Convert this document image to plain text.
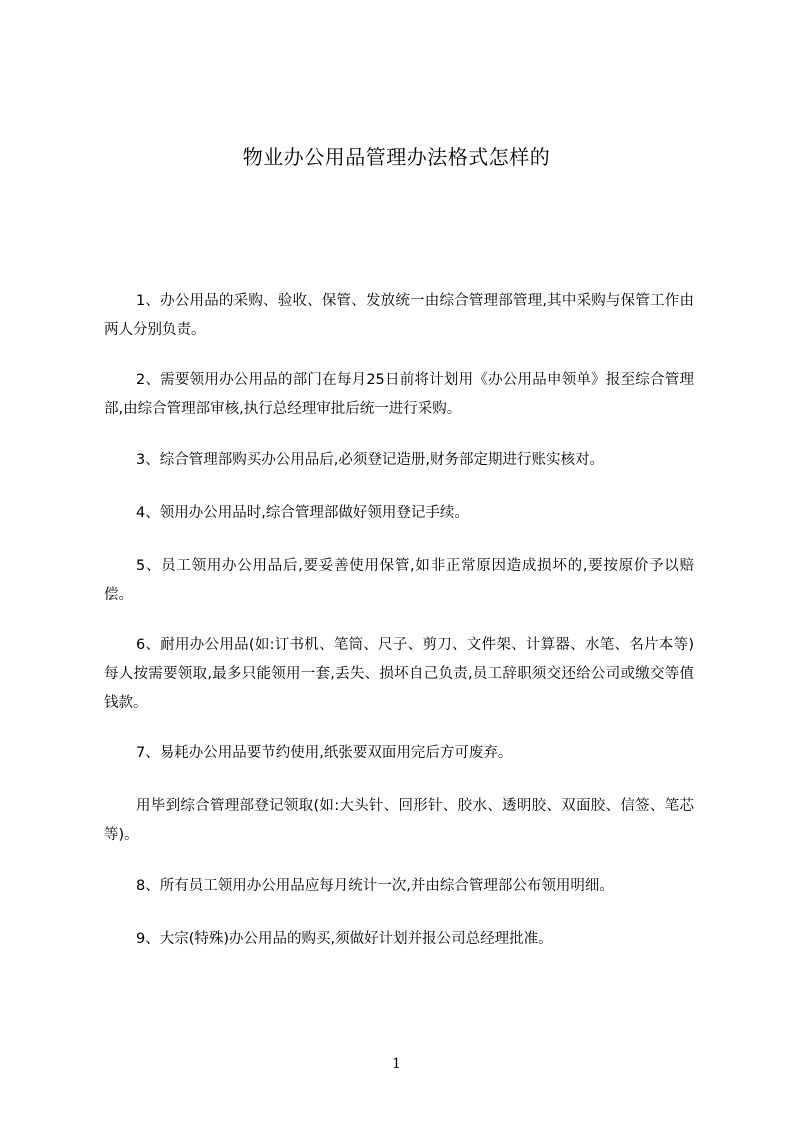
物业办公用品管理办法格式怎样的

1、办公用品的采购、验收、保管、发放统一由综合管理部管理,其中采购与保管工作由两人分别负责。

2、需要领用办公用品的部门在每月25日前将计划用《办公用品申领单》报至综合管理部,由综合管理部审核,执行总经理审批后统一进行采购。

3、综合管理部购买办公用品后,必须登记造册,财务部定期进行账实核对。

4、领用办公用品时,综合管理部做好领用登记手续。

5、员工领用办公用品后,要妥善使用保管,如非正常原因造成损坏的,要按原价予以赔偿。

6、耐用办公用品(如:订书机、笔筒、尺子、剪刀、文件架、计算器、水笔、名片本等)每人按需要领取,最多只能领用一套,丢失、损坏自己负责,员工辞职须交还给公司或缴交等值钱款。

7、易耗办公用品要节约使用,纸张要双面用完后方可废弃。

用毕到综合管理部登记领取(如:大头针、回形针、胶水、透明胶、双面胶、信签、笔芯等)。

8、所有员工领用办公用品应每月统计一次,并由综合管理部公布领用明细。

9、大宗(特殊)办公用品的购买,须做好计划并报公司总经理批准。

1
